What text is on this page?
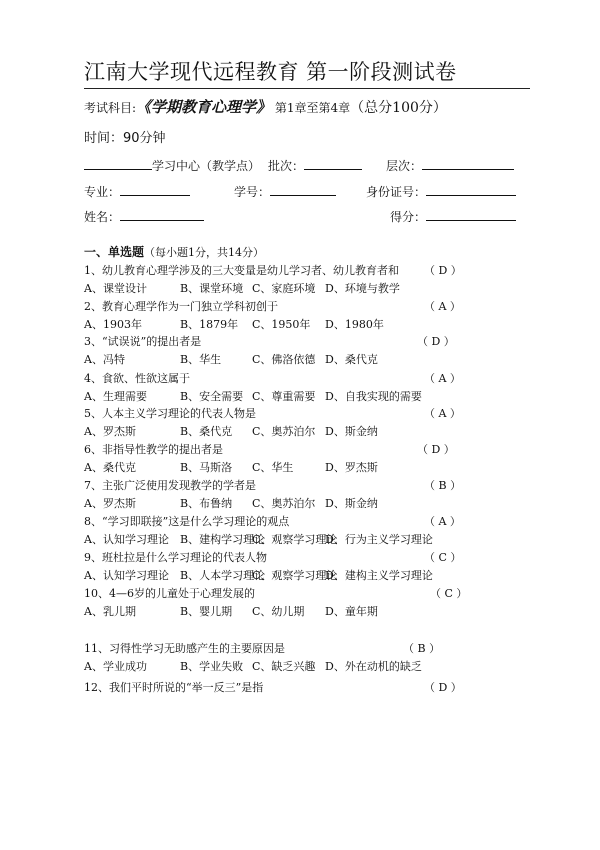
江南大学现代远程教育 第一阶段测试卷
考试科目:《学期教育心理学》 第1章至第4章（总分100分）
时间：90分钟
学习中心（教学点） 批次：	层次：
专业：	学号：	身份证号：
姓名：	得分：
一、单选题（每小题1分，共14分）
1、幼儿教育心理学涉及的三大变量是幼儿学习者、幼儿教育者和 （ D ）
A、课堂设计	B、课堂环境 C、家庭环境 D、环境与教学
2、教育心理学作为一门独立学科初创于	（ A ）
A、1903年	B、1879年 C、1950年 D、1980年
3、“试误说”的提出者是	（ D ）
A、冯特	B、华生	C、佛洛依德 D、桑代克
4、食欲、性欲这属于	（ A ）
A、生理需要	B、安全需要 C、尊重需要 D、自我实现的需要
5、人本主义学习理论的代表人物是	（ A ）
A、罗杰斯	B、桑代克 C、奥苏泊尔 D、斯金纳
6、非指导性教学的提出者是	（ D ）
A、桑代克	B、马斯洛 C、华生	D、罗杰斯
7、主张广泛使用发现教学的学者是	（ B ）
A、罗杰斯	B、布鲁纳 C、奥苏泊尔 D、斯金纳
8、“学习即联接”这是什么学习理论的观点	（ A ）
A、认知学习理论 B、建构学习理论
C、观察学习理论
D、行为主义学习理论
9、班杜拉是什么学习理论的代表人物	（ C ）
A、认知学习理论 B、人本学习理论
C、观察学习理论
D、建构主义学习理论
10、4—6岁的儿童处于心理发展的	（ C ）
A、乳儿期	B、婴儿期 C、幼儿期 D、童年期
11、习得性学习无助感产生的主要原因是	（ B ）
A、学业成功	B、学业失败 C、缺乏兴趣 D、外在动机的缺乏
12、我们平时所说的“举一反三”是指	（ D ）
